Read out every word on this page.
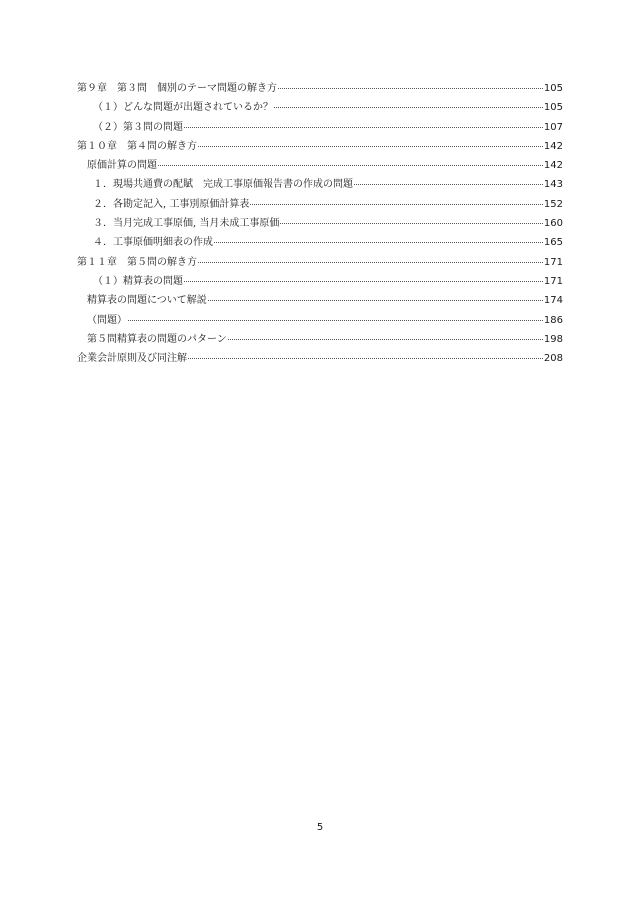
第９章　第３問　個別のテーマ問題の解き方	105
（１）どんな問題が出題されているか？	105
（２）第３問の問題	107
第１０章　第４問の解き方	142
原価計算の問題	142
１．現場共通費の配賦　完成工事原価報告書の作成の問題	143
２．各勘定記入, 工事別原価計算表	152
３．当月完成工事原価, 当月未成工事原価	160
４．工事原価明細表の作成	165
第１１章　第５問の解き方	171
（１）精算表の問題	171
精算表の問題について解説	174
（問題）	186
第５問精算表の問題のパターン	198
企業会計原則及び同注解	208
5
